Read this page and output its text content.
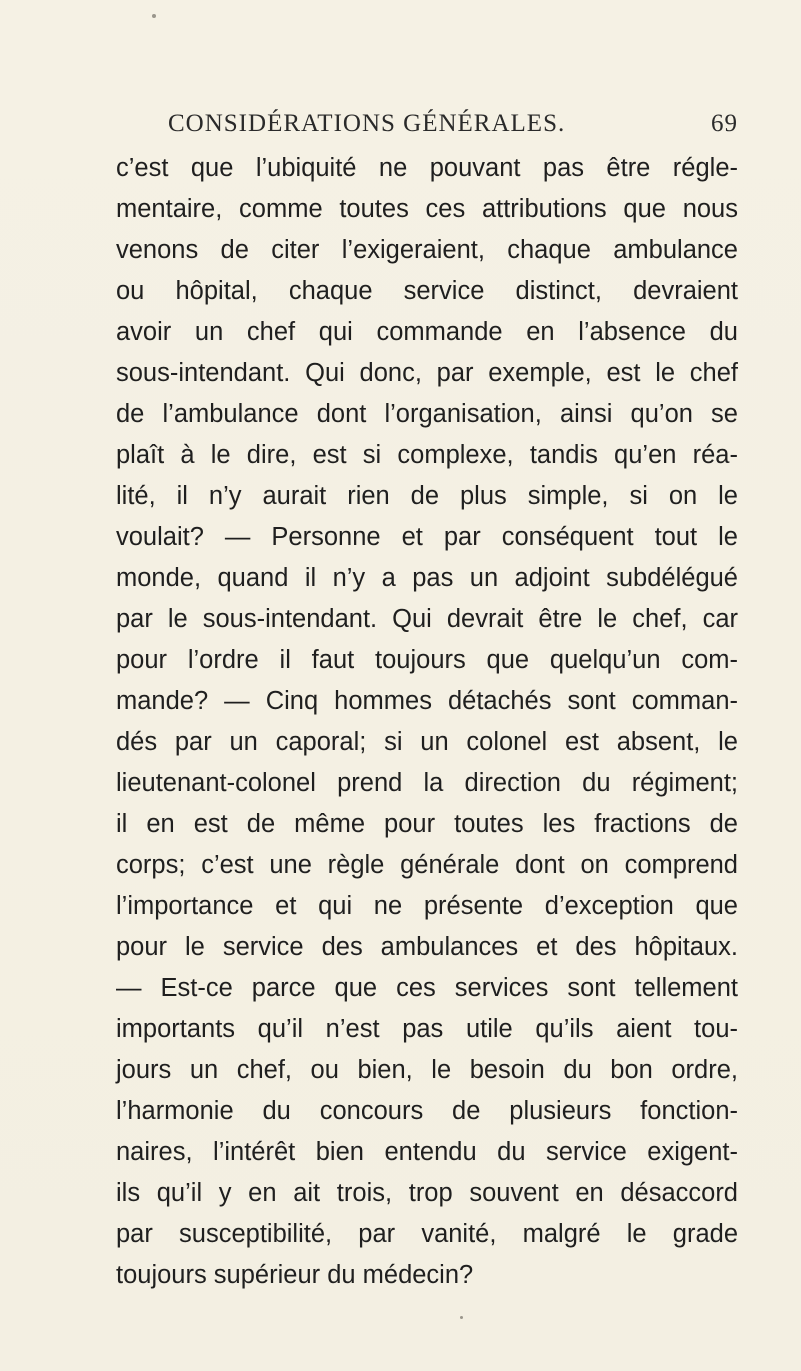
CONSIDÉRATIONS GÉNÉRALES.	69
c’est que l’ubiquité ne pouvant pas être régle-
mentaire, comme toutes ces attributions que nous
venons de citer l’exigeraient, chaque ambulance
ou hôpital, chaque service distinct, devraient
avoir un chef qui commande en l’absence du
sous-intendant. Qui donc, par exemple, est le chef
de l’ambulance dont l’organisation, ainsi qu’on se
plaît à le dire, est si complexe, tandis qu’en réa-
lité, il n’y aurait rien de plus simple, si on le
voulait? — Personne et par conséquent tout le
monde, quand il n’y a pas un adjoint subdélégué
par le sous-intendant. Qui devrait être le chef, car
pour l’ordre il faut toujours que quelqu’un com-
mande? — Cinq hommes détachés sont comman-
dés par un caporal; si un colonel est absent, le
lieutenant-colonel prend la direction du régiment;
il en est de même pour toutes les fractions de
corps; c’est une règle générale dont on comprend
l’importance et qui ne présente d’exception que
pour le service des ambulances et des hôpitaux.
— Est-ce parce que ces services sont tellement
importants qu’il n’est pas utile qu’ils aient tou-
jours un chef, ou bien, le besoin du bon ordre,
l’harmonie du concours de plusieurs fonction-
naires, l’intérêt bien entendu du service exigent-
ils qu’il y en ait trois, trop souvent en désaccord
par susceptibilité, par vanité, malgré le grade
toujours supérieur du médecin?
